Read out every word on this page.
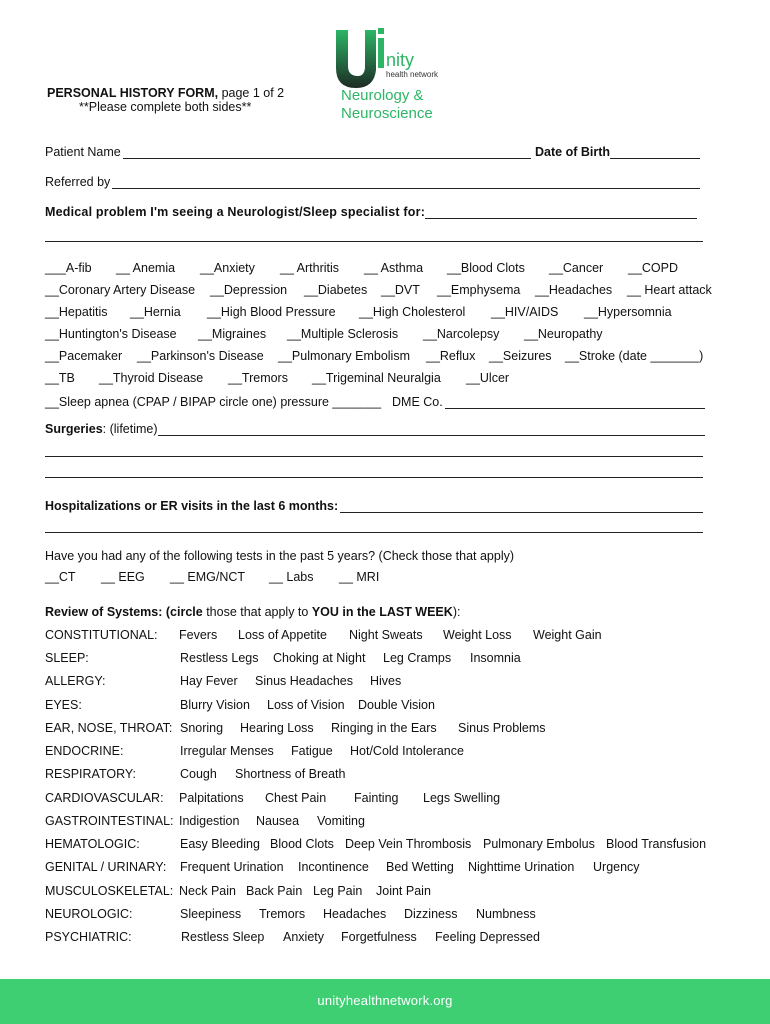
PERSONAL HISTORY FORM, page 1 of 2
**Please complete both sides**
nity
health network
Neurology &
Neuroscience
Patient Name	Date of Birth
Referred by
Medical problem I'm seeing a Neurologist/Sleep specialist for:
___A-fib __ Anemia __Anxiety __ Arthritis __ Asthma __Blood Clots __Cancer __COPD
__Coronary Artery Disease __Depression __Diabetes __DVT __Emphysema __Headaches __ Heart attack
__Hepatitis __Hernia __High Blood Pressure __High Cholesterol __HIV/AIDS __Hypersomnia
__Huntington's Disease __Migraines __Multiple Sclerosis __Narcolepsy __Neuropathy
__Pacemaker __Parkinson's Disease __Pulmonary Embolism __Reflux __Seizures __Stroke (date _______)
__TB __Thyroid Disease __Tremors __Trigeminal Neuralgia __Ulcer
__Sleep apnea (CPAP / BIPAP circle one) pressure _______ DME Co.
Surgeries: (lifetime)
Hospitalizations or ER visits in the last 6 months:
Have you had any of the following tests in the past 5 years? (Check those that apply)
__CT __ EEG __ EMG/NCT __ Labs __ MRI
Review of Systems: (circle those that apply to YOU in the LAST WEEK):
CONSTITUTIONAL: Fevers Loss of Appetite Night Sweats Weight Loss Weight Gain
SLEEP:	Restless Legs Choking at Night Leg Cramps Insomnia
ALLERGY:	Hay Fever Sinus Headaches Hives
EYES:	Blurry Vision Loss of Vision Double Vision
EAR, NOSE, THROAT: Snoring Hearing Loss Ringing in the Ears Sinus Problems
ENDOCRINE:	Irregular Menses Fatigue Hot/Cold Intolerance
RESPIRATORY:	Cough Shortness of Breath
CARDIOVASCULAR: Palpitations Chest Pain Fainting Legs Swelling
GASTROINTESTINAL: Indigestion Nausea Vomiting
HEMATOLOGIC:	Easy Bleeding Blood Clots Deep Vein Thrombosis Pulmonary Embolus Blood Transfusion
GENITAL / URINARY: Frequent Urination Incontinence Bed Wetting Nighttime Urination Urgency
MUSCULOSKELETAL: Neck Pain Back Pain Leg Pain Joint Pain
NEUROLOGIC:	Sleepiness Tremors Headaches Dizziness Numbness
PSYCHIATRIC:	Restless Sleep Anxiety Forgetfulness Feeling Depressed
unityhealthnetwork.org
